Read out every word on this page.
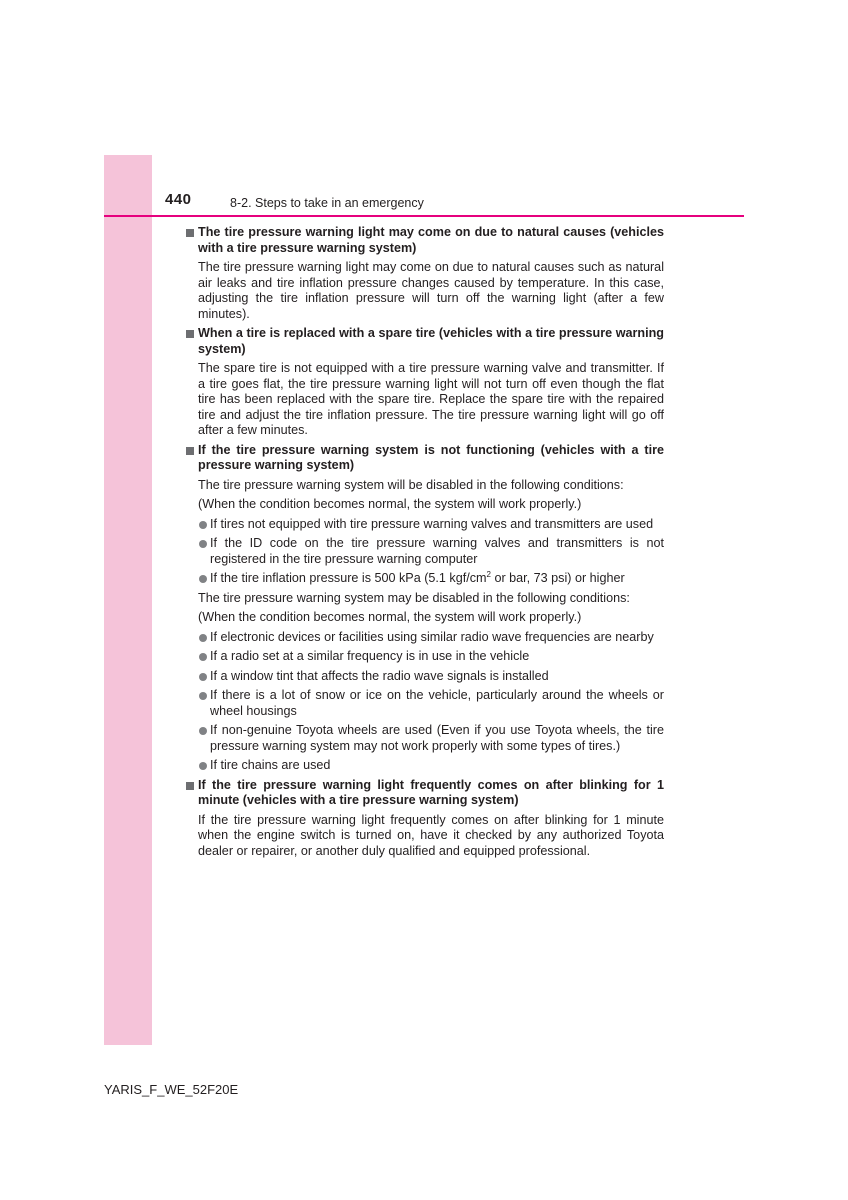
440	8-2. Steps to take in an emergency
The tire pressure warning light may come on due to natural causes (vehicles with a tire pressure warning system)
The tire pressure warning light may come on due to natural causes such as natural air leaks and tire inflation pressure changes caused by temperature. In this case, adjusting the tire inflation pressure will turn off the warning light (after a few minutes).
When a tire is replaced with a spare tire (vehicles with a tire pressure warning system)
The spare tire is not equipped with a tire pressure warning valve and transmitter. If a tire goes flat, the tire pressure warning light will not turn off even though the flat tire has been replaced with the spare tire. Replace the spare tire with the repaired tire and adjust the tire inflation pressure. The tire pressure warning light will go off after a few minutes.
If the tire pressure warning system is not functioning (vehicles with a tire pressure warning system)
The tire pressure warning system will be disabled in the following conditions:
(When the condition becomes normal, the system will work properly.)
If tires not equipped with tire pressure warning valves and transmitters are used
If the ID code on the tire pressure warning valves and transmitters is not registered in the tire pressure warning computer
If the tire inflation pressure is 500 kPa (5.1 kgf/$cm^2$ or bar, 73 psi) or higher
The tire pressure warning system may be disabled in the following conditions:
(When the condition becomes normal, the system will work properly.)
If electronic devices or facilities using similar radio wave frequencies are nearby
If a radio set at a similar frequency is in use in the vehicle
If a window tint that affects the radio wave signals is installed
If there is a lot of snow or ice on the vehicle, particularly around the wheels or wheel housings
If non-genuine Toyota wheels are used (Even if you use Toyota wheels, the tire pressure warning system may not work properly with some types of tires.)
If tire chains are used
If the tire pressure warning light frequently comes on after blinking for 1 minute (vehicles with a tire pressure warning system)
If the tire pressure warning light frequently comes on after blinking for 1 minute when the engine switch is turned on, have it checked by any authorized Toyota dealer or repairer, or another duly qualified and equipped professional.
YARIS_F_WE_52F20E
